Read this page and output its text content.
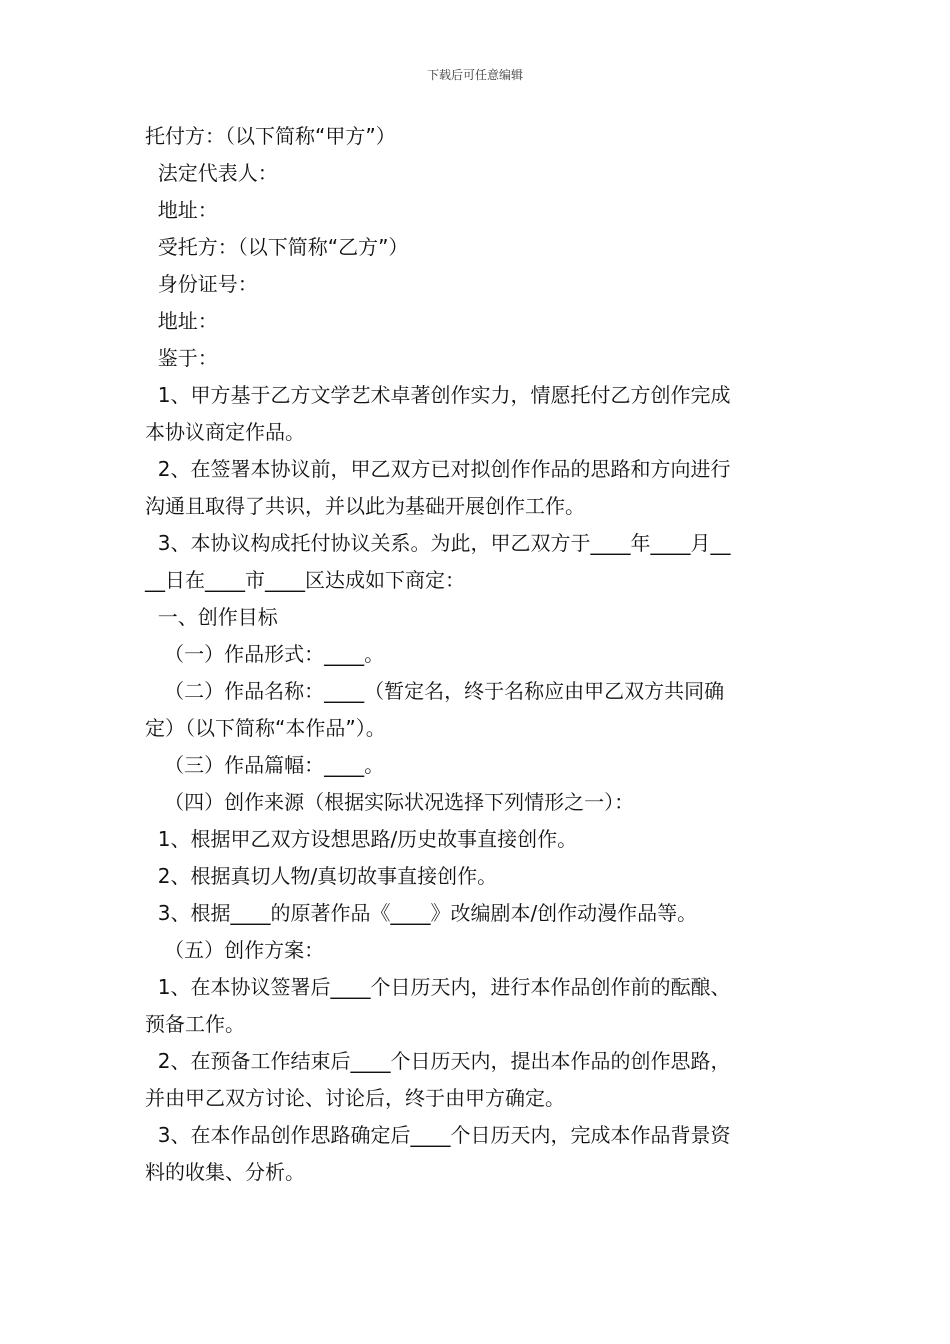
下载后可任意编辑
托付方：（以下简称“甲方”）
法定代表人：
地址：
受托方：（以下简称“乙方”）
身份证号：
地址：
鉴于：
1、甲方基于乙方文学艺术卓著创作实力，情愿托付乙方创作完成
本协议商定作品。
2、在签署本协议前，甲乙双方已对拟创作作品的思路和方向进行
沟通且取得了共识，并以此为基础开展创作工作。
3、本协议构成托付协议关系。为此，甲乙双方于____年____月__
__日在____市____区达成如下商定：
一、创作目标
（一）作品形式：____。
（二）作品名称：____（暂定名，终于名称应由甲乙双方共同确
定）（以下简称“本作品”）。
（三）作品篇幅：____。
（四）创作来源（根据实际状况选择下列情形之一）：
1、根据甲乙双方设想思路/历史故事直接创作。
2、根据真切人物/真切故事直接创作。
3、根据____的原著作品《____》改编剧本/创作动漫作品等。
（五）创作方案：
1、在本协议签署后____个日历天内，进行本作品创作前的酝酿、
预备工作。
2、在预备工作结束后____个日历天内，提出本作品的创作思路，
并由甲乙双方讨论、讨论后，终于由甲方确定。
3、在本作品创作思路确定后____个日历天内，完成本作品背景资
料的收集、分析。
